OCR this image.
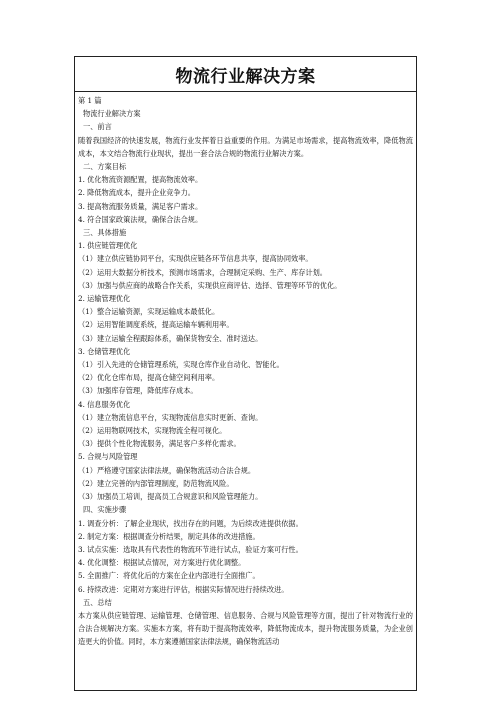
物流行业解决方案
第 1 篇
物流行业解决方案
一、前言
随着我国经济的快速发展，物流行业发挥着日益重要的作用。为满足市场需求，提高物流效率，降低物流成本，本文结合物流行业现状，提出一套合法合规的物流行业解决方案。
二、方案目标
1. 优化物流资源配置，提高物流效率。
2. 降低物流成本，提升企业竞争力。
3. 提高物流服务质量，满足客户需求。
4. 符合国家政策法规，确保合法合规。
三、具体措施
1. 供应链管理优化
（1）建立供应链协同平台，实现供应链各环节信息共享，提高协同效率。
（2）运用大数据分析技术，预测市场需求，合理制定采购、生产、库存计划。
（3）加强与供应商的战略合作关系，实现供应商评估、选择、管理等环节的优化。
2. 运输管理优化
（1）整合运输资源，实现运输成本最低化。
（2）运用智能调度系统，提高运输车辆利用率。
（3）建立运输全程跟踪体系，确保货物安全、准时送达。
3. 仓储管理优化
（1）引入先进的仓储管理系统，实现仓库作业自动化、智能化。
（2）优化仓库布局，提高仓储空间利用率。
（3）加强库存管理，降低库存成本。
4. 信息服务优化
（1）建立物流信息平台，实现物流信息实时更新、查询。
（2）运用物联网技术，实现物流全程可视化。
（3）提供个性化物流服务，满足客户多样化需求。
5. 合规与风险管理
（1）严格遵守国家法律法规，确保物流活动合法合规。
（2）建立完善的内部管理制度，防范物流风险。
（3）加强员工培训，提高员工合规意识和风险管理能力。
四、实施步骤
1. 调查分析：了解企业现状，找出存在的问题，为后续改进提供依据。
2. 制定方案：根据调查分析结果，制定具体的改进措施。
3. 试点实施：选取具有代表性的物流环节进行试点，验证方案可行性。
4. 优化调整：根据试点情况，对方案进行优化调整。
5. 全面推广：将优化后的方案在企业内部进行全面推广。
6. 持续改进：定期对方案进行评估，根据实际情况进行持续改进。
五、总结
本方案从供应链管理、运输管理、仓储管理、信息服务、合规与风险管理等方面，提出了针对物流行业的合法合规解决方案。实施本方案，将有助于提高物流效率，降低物流成本，提升物流服务质量，为企业创造更大的价值。同时，本方案遵循国家法律法规，确保物流活动
